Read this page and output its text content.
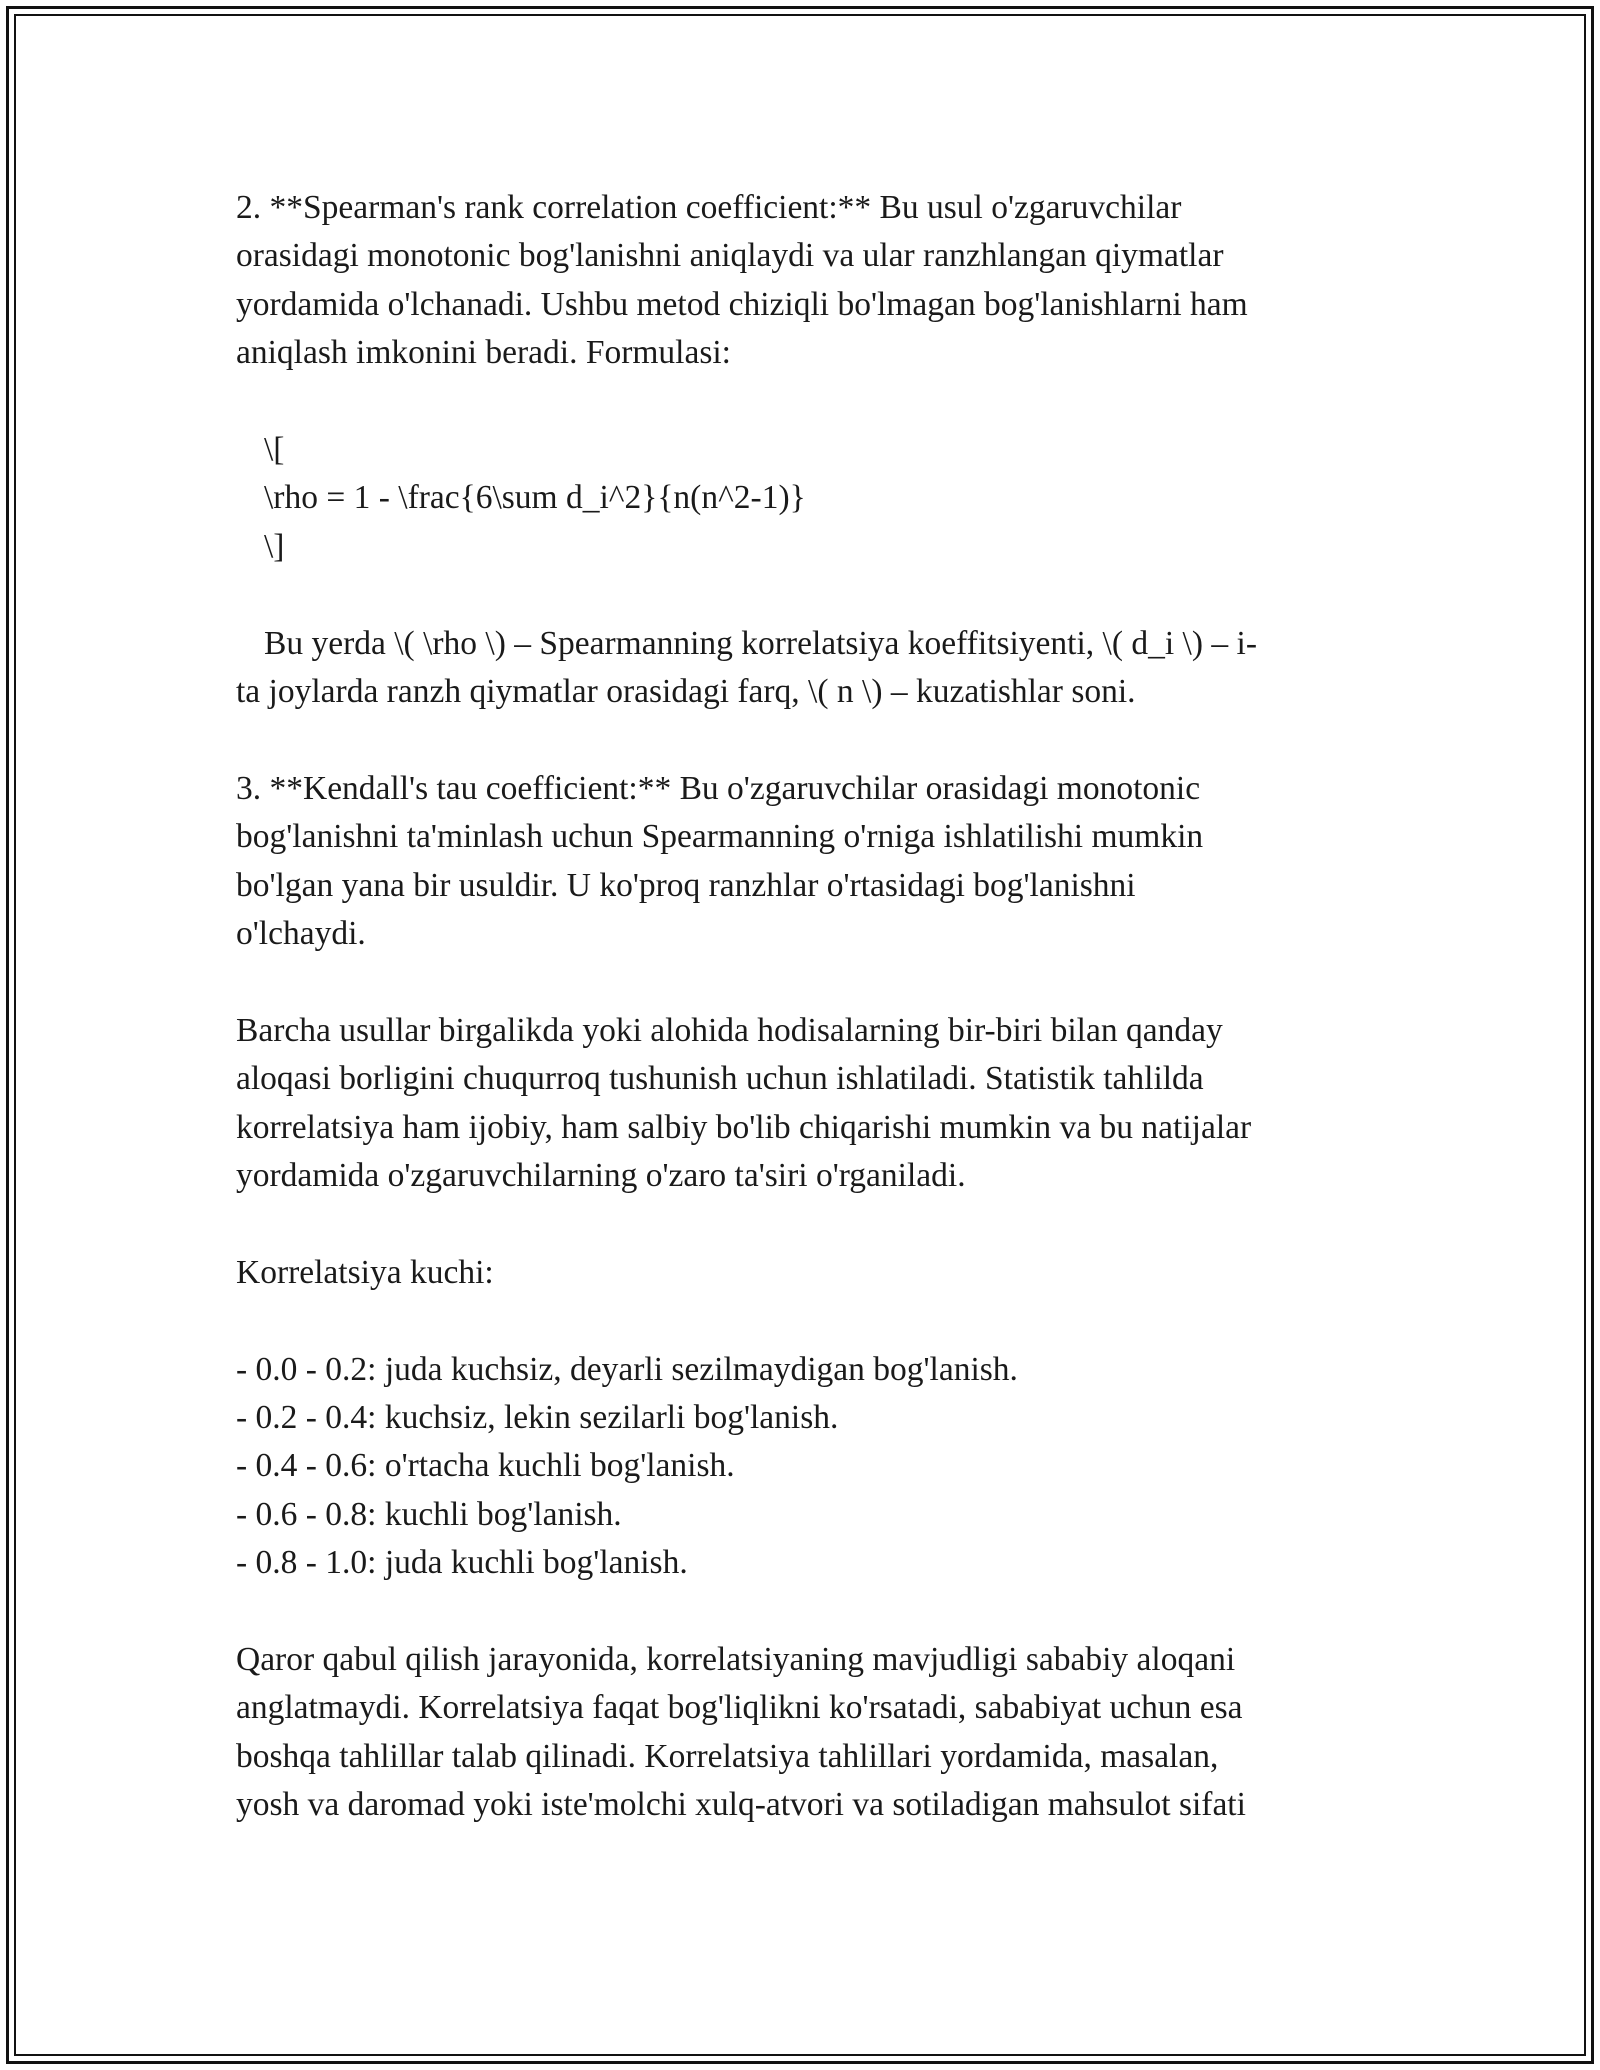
2. **Spearman's rank correlation coefficient:** Bu usul o'zgaruvchilar
orasidagi monotonic bog'lanishni aniqlaydi va ular ranzhlangan qiymatlar
yordamida o'lchanadi. Ushbu metod chiziqli bo'lmagan bog'lanishlarni ham
aniqlash imkonini beradi. Formulasi:
\[
\rho = 1 - \frac{6\sum d_i^2}{n(n^2-1)}
\]
Bu yerda \( \rho \) – Spearmanning korrelatsiya koeffitsiyenti, \( d_i \) – i-
ta joylarda ranzh qiymatlar orasidagi farq, \( n \) – kuzatishlar soni.
3. **Kendall's tau coefficient:** Bu o'zgaruvchilar orasidagi monotonic
bog'lanishni ta'minlash uchun Spearmanning o'rniga ishlatilishi mumkin
bo'lgan yana bir usuldir. U ko'proq ranzhlar o'rtasidagi bog'lanishni
o'lchaydi.
Barcha usullar birgalikda yoki alohida hodisalarning bir-biri bilan qanday
aloqasi borligini chuqurroq tushunish uchun ishlatiladi. Statistik tahlilda
korrelatsiya ham ijobiy, ham salbiy bo'lib chiqarishi mumkin va bu natijalar
yordamida o'zgaruvchilarning o'zaro ta'siri o'rganiladi.
Korrelatsiya kuchi:
- 0.0 - 0.2: juda kuchsiz, deyarli sezilmaydigan bog'lanish.
- 0.2 - 0.4: kuchsiz, lekin sezilarli bog'lanish.
- 0.4 - 0.6: o'rtacha kuchli bog'lanish.
- 0.6 - 0.8: kuchli bog'lanish.
- 0.8 - 1.0: juda kuchli bog'lanish.
Qaror qabul qilish jarayonida, korrelatsiyaning mavjudligi sababiy aloqani
anglatmaydi. Korrelatsiya faqat bog'liqlikni ko'rsatadi, sababiyat uchun esa
boshqa tahlillar talab qilinadi. Korrelatsiya tahlillari yordamida, masalan,
yosh va daromad yoki iste'molchi xulq-atvori va sotiladigan mahsulot sifati
